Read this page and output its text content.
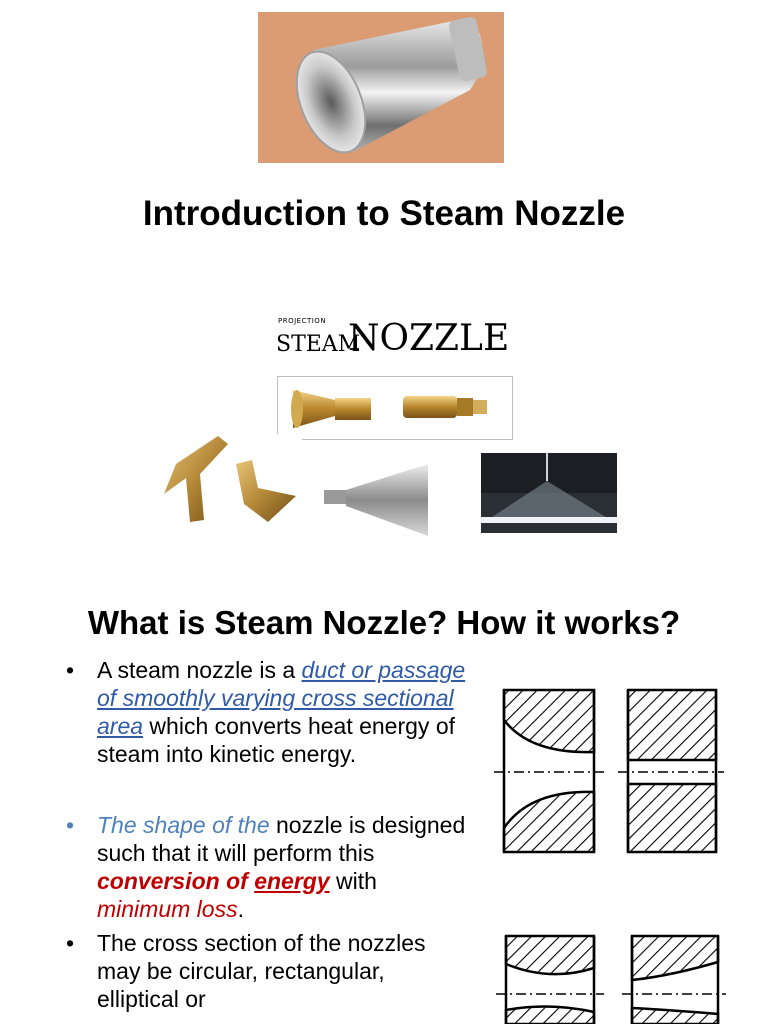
Introduction to Steam Nozzle
PROJECTION
STEAM
NOZZLE
What is Steam Nozzle? How it works?
• A steam nozzle is a duct or passage of smoothly varying cross sectional area which converts heat energy of steam into kinetic energy.
• The shape of the nozzle is designed such that it will perform this conversion of energy with minimum loss.
• The cross section of the nozzles may be circular, rectangular, elliptical or
